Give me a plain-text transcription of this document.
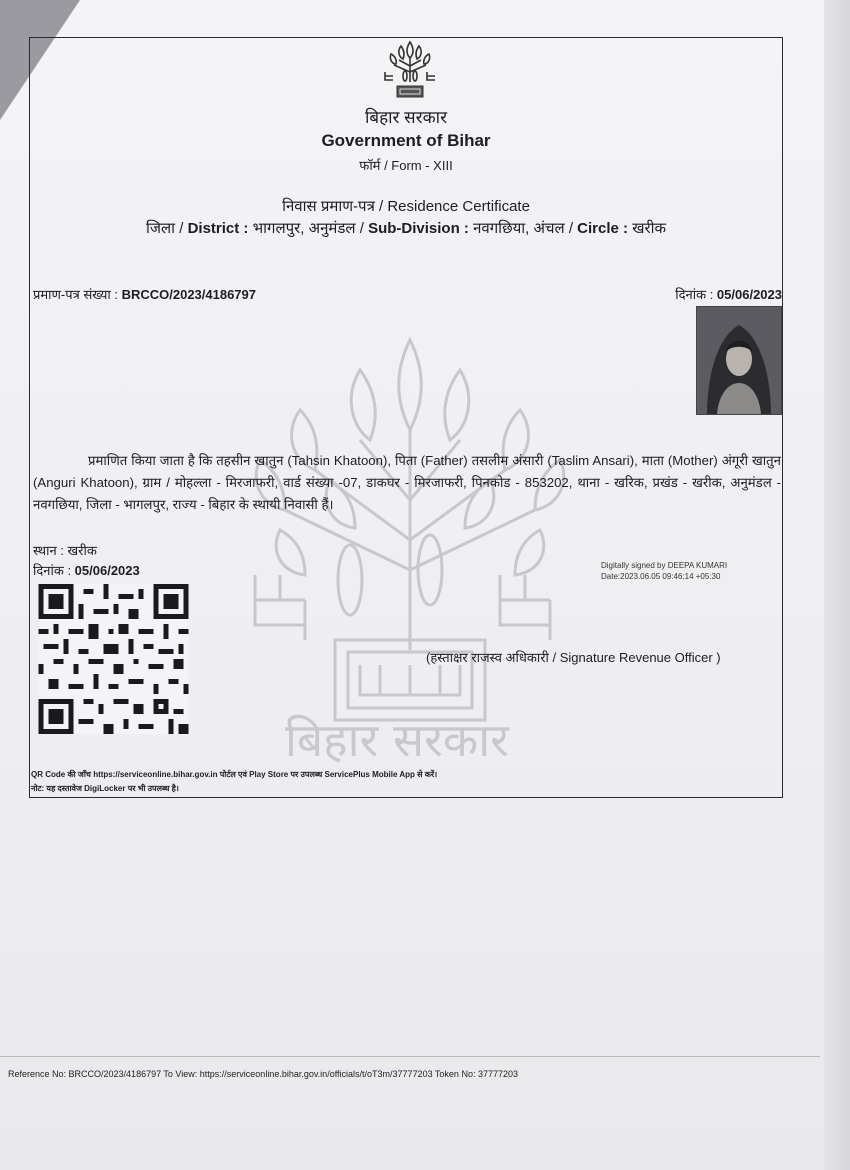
बिहार सरकार
बिहार सरकार
Government of Bihar
फॉर्म / Form - XIII
निवास प्रमाण-पत्र / Residence Certificate
जिला / District : भागलपुर, अनुमंडल / Sub-Division : नवगछिया, अंचल / Circle : खरीक
प्रमाण-पत्र संख्या : BRCCO/2023/4186797	दिनांक : 05/06/2023
प्रमाणित किया जाता है कि तहसीन खातुन (Tahsin Khatoon), पिता (Father) तसलीम अंसारी (Taslim Ansari), माता (Mother) अंगूरी खातुन (Anguri Khatoon), ग्राम / मोहल्ला - मिरजाफरी, वार्ड संख्या -07, डाकघर - मिरजाफरी, पिनकोड - 853202, थाना - खरिक, प्रखंड - खरीक, अनुमंडल - नवगछिया, जिला - भागलपुर, राज्य - बिहार के स्थायी निवासी हैं।
स्थान : खरीक
दिनांक : 05/06/2023	Digitally signed by DEEPA KUMARI
Date:2023.06.05 09:46:14 +05:30
(हस्ताक्षर राजस्व अधिकारी / Signature Revenue Officer )
QR Code की जाँच https://serviceonline.bihar.gov.in पोर्टल एवं Play Store पर उपलब्ध ServicePlus Mobile App से करें।
नोट: यह दस्तावेज DigiLocker पर भी उपलब्ध है।
Reference No: BRCCO/2023/4186797 To View: https://serviceonline.bihar.gov.in/officials/t/oT3m/37777203 Token No: 37777203
